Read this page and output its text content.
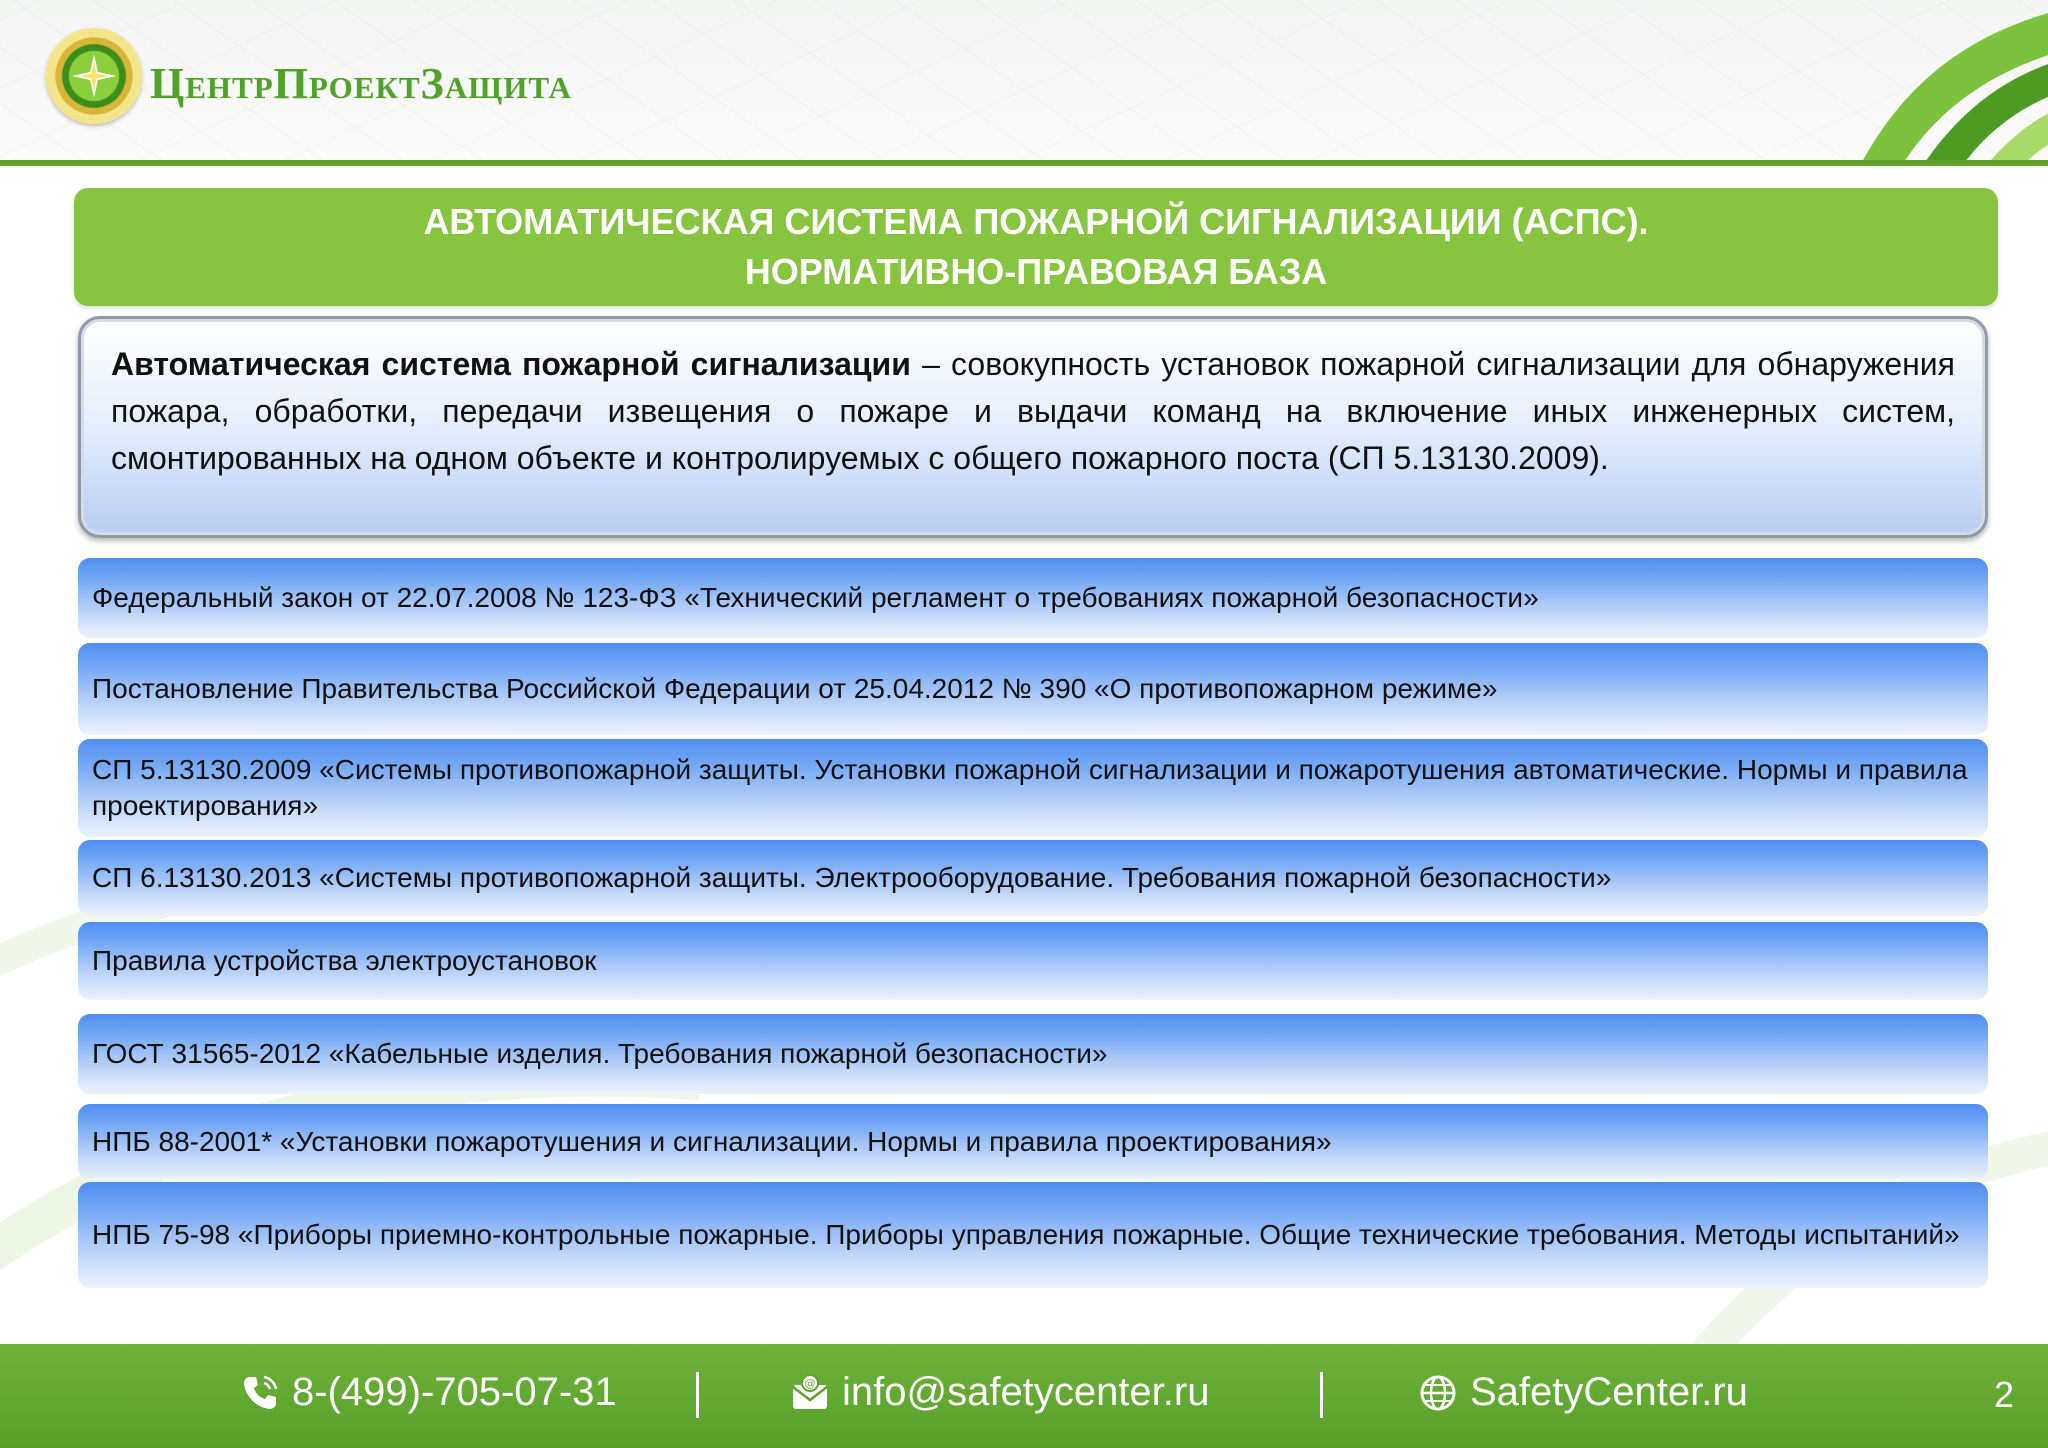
ЦентрПроектЗащита
АВТОМАТИЧЕСКАЯ СИСТЕМА ПОЖАРНОЙ СИГНАЛИЗАЦИИ (АСПС).
НОРМАТИВНО-ПРАВОВАЯ БАЗА
Автоматическая система пожарной сигнализации – совокупность установок пожарной сигнализации для обнаружения пожара, обработки, передачи извещения о пожаре и выдачи команд на включение иных инженерных систем, смонтированных на одном объекте и контролируемых с общего пожарного поста (СП 5.13130.2009).
Федеральный закон от 22.07.2008 № 123-ФЗ «Технический регламент о требованиях пожарной безопасности»
Постановление Правительства Российской Федерации от 25.04.2012 № 390 «О противопожарном режиме»
СП 5.13130.2009 «Системы противопожарной защиты. Установки пожарной сигнализации и пожаротушения автоматические. Нормы и правила проектирования»
СП 6.13130.2013 «Системы противопожарной защиты. Электрооборудование. Требования пожарной безопасности»
Правила устройства электроустановок
ГОСТ 31565-2012 «Кабельные изделия. Требования пожарной безопасности»
НПБ 88-2001* «Установки пожаротушения и сигнализации. Нормы и правила проектирования»
НПБ 75-98 «Приборы приемно-контрольные пожарные. Приборы управления пожарные. Общие технические требования. Методы испытаний»
8-(499)-705-07-31	@ info@safetycenter.ru	SafetyCenter.ru	2
